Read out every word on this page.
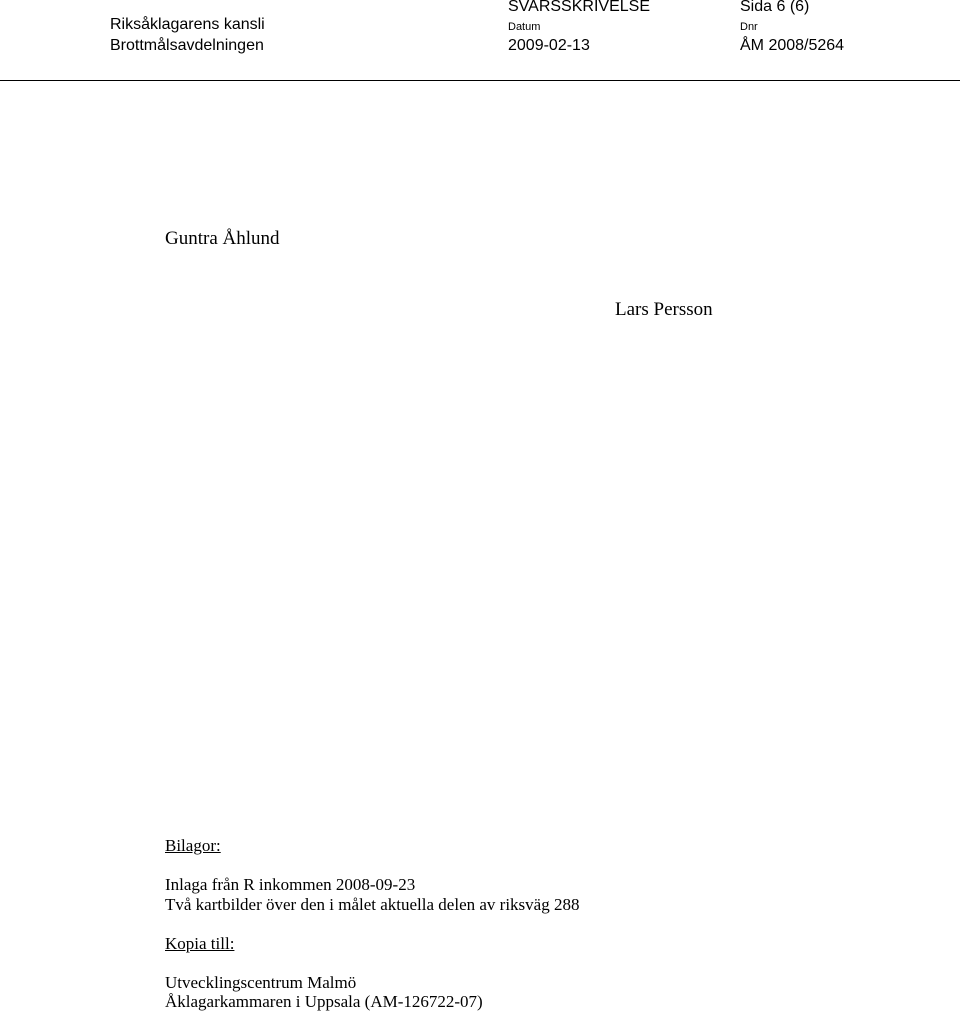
Riksåklagarens kansli
Brottmålsavdelningen
SVARSSKRIVELSE
Datum
2009-02-13
Sida 6 (6)
Dnr
ÅM 2008/5264
Guntra Åhlund
Lars Persson
Bilagor:
Inlaga från R inkommen 2008-09-23
Två kartbilder över den i målet aktuella delen av riksväg 288
Kopia till:
Utvecklingscentrum Malmö
Åklagarkammaren i Uppsala (AM-126722-07)
